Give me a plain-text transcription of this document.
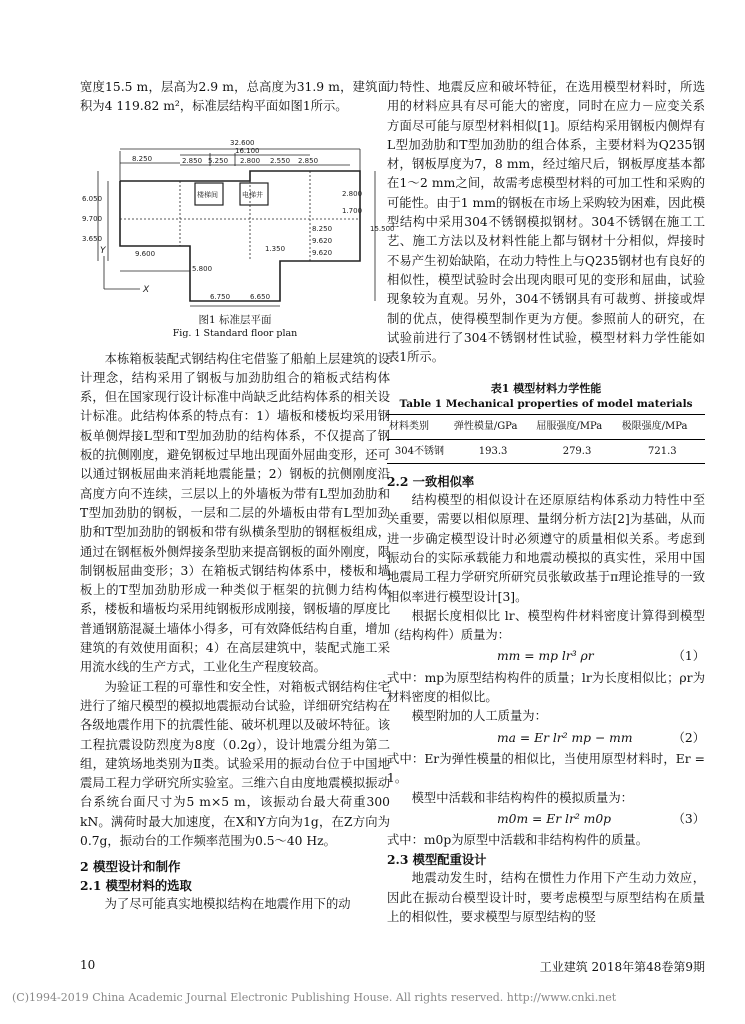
宽度15.5 m，层高为2.9 m，总高度为31.9 m，建筑面积为4 119.82 m²，标准层结构平面如图1所示。

32.600
16.100
8.250	2.850 5.250 2.800 2.550 2.850
6.050
9.700
3.650
2.800
1.700
15.500
8.250
9.620
1.350	9.620
9.600
5.800
6.750	6.650
楼梯间	电梯井
X
Y
图1 标准层平面
Fig. 1 Standard floor plan

本栋箱板装配式钢结构住宅借鉴了船舶上层建筑的设计理念，结构采用了钢板与加劲肋组合的箱板式结构体系，但在国家现行设计标准中尚缺乏此结构体系的相关设计标准。此结构体系的特点有：1）墙板和楼板均采用钢板单侧焊接L型和T型加劲肋的结构体系，不仅提高了钢板的抗侧刚度，避免钢板过早地出现面外屈曲变形，还可以通过钢板屈曲来消耗地震能量；2）钢板的抗侧刚度沿高度方向不连续，三层以上的外墙板为带有L型加劲肋和T型加劲肋的钢板，一层和二层的外墙板由带有L型加劲肋和T型加劲肋的钢板和带有纵横条型肋的钢框板组成，通过在钢框板外侧焊接条型肋来提高钢板的面外刚度，限制钢板屈曲变形；3）在箱板式钢结构体系中，楼板和墙板上的T型加劲肋形成一种类似于框架的抗侧力结构体系，楼板和墙板均采用纯钢板形成刚接，钢板墙的厚度比普通钢筋混凝土墙体小得多，可有效降低结构自重，增加建筑的有效使用面积；4）在高层建筑中，装配式施工采用流水线的生产方式，工业化生产程度较高。

为验证工程的可靠性和安全性，对箱板式钢结构住宅进行了缩尺模型的模拟地震振动台试验，详细研究结构在各级地震作用下的抗震性能、破坏机理以及破坏特征。该工程抗震设防烈度为8度（0.2g），设计地震分组为第二组，建筑场地类别为Ⅱ类。试验采用的振动台位于中国地震局工程力学研究所实验室。三维六自由度地震模拟振动台系统台面尺寸为5 m×5 m，该振动台最大荷重300 kN。满荷时最大加速度，在X和Y方向为1g，在Z方向为0.7g，振动台的工作频率范围为0.5～40 Hz。

2 模型设计和制作
2.1 模型材料的选取

为了尽可能真实地模拟结构在地震作用下的动

力特性、地震反应和破坏特征，在选用模型材料时，所选用的材料应具有尽可能大的密度，同时在应力－应变关系方面尽可能与原型材料相似[1]。原结构采用钢板内侧焊有L型加劲肋和T型加劲肋的组合体系，主要材料为Q235钢材，钢板厚度为7，8 mm，经过缩尺后，钢板厚度基本都在1～2 mm之间，故需考虑模型材料的可加工性和采购的可能性。由于1 mm的钢板在市场上采购较为困难，因此模型结构中采用304不锈钢模拟钢材。304不锈钢在施工工艺、施工方法以及材料性能上都与钢材十分相似，焊接时不易产生初始缺陷，在动力特性上与Q235钢材也有良好的相似性，模型试验时会出现肉眼可见的变形和屈曲，试验现象较为直观。另外，304不锈钢具有可裁剪、拼接或焊制的优点，使得模型制作更为方便。参照前人的研究，在试验前进行了304不锈钢材性试验，模型材料力学性能如表1所示。

表1 模型材料力学性能
Table 1 Mechanical properties of model materials
材料类别	弹性模量/GPa	屈服强度/MPa	极限强度/MPa
304不锈钢	193.3	279.3	721.3
2.2 一致相似率

结构模型的相似设计在还原原结构体系动力特性中至关重要，需要以相似原理、量纲分析方法[2]为基础，从而进一步确定模型设计时必须遵守的质量相似关系。考虑到振动台的实际承载能力和地震动模拟的真实性，采用中国地震局工程力学研究所研究员张敏政基于π理论推导的一致相似率进行模型设计[3]。

根据长度相似比 lr、模型构件材料密度计算得到模型（结构构件）质量为：

mm = mp lr³ ρr	（1）

式中：mp为原型结构构件的质量；lr为长度相似比；ρr为材料密度的相似比。

模型附加的人工质量为：

ma = Er lr² mp − mm	（2）

式中：Er为弹性模量的相似比，当使用原型材料时，Er = 1。

模型中活载和非结构构件的模拟质量为：

m0m = Er lr² m0p	（3）

式中：m0p为原型中活载和非结构构件的质量。

2.3 模型配重设计

地震动发生时，结构在惯性力作用下产生动力效应，因此在振动台模型设计时，要考虑模型与原型结构在质量上的相似性，要求模型与原型结构的竖

10	工业建筑 2018年第48卷第9期
(C)1994-2019 China Academic Journal Electronic Publishing House. All rights reserved. http://www.cnki.net
